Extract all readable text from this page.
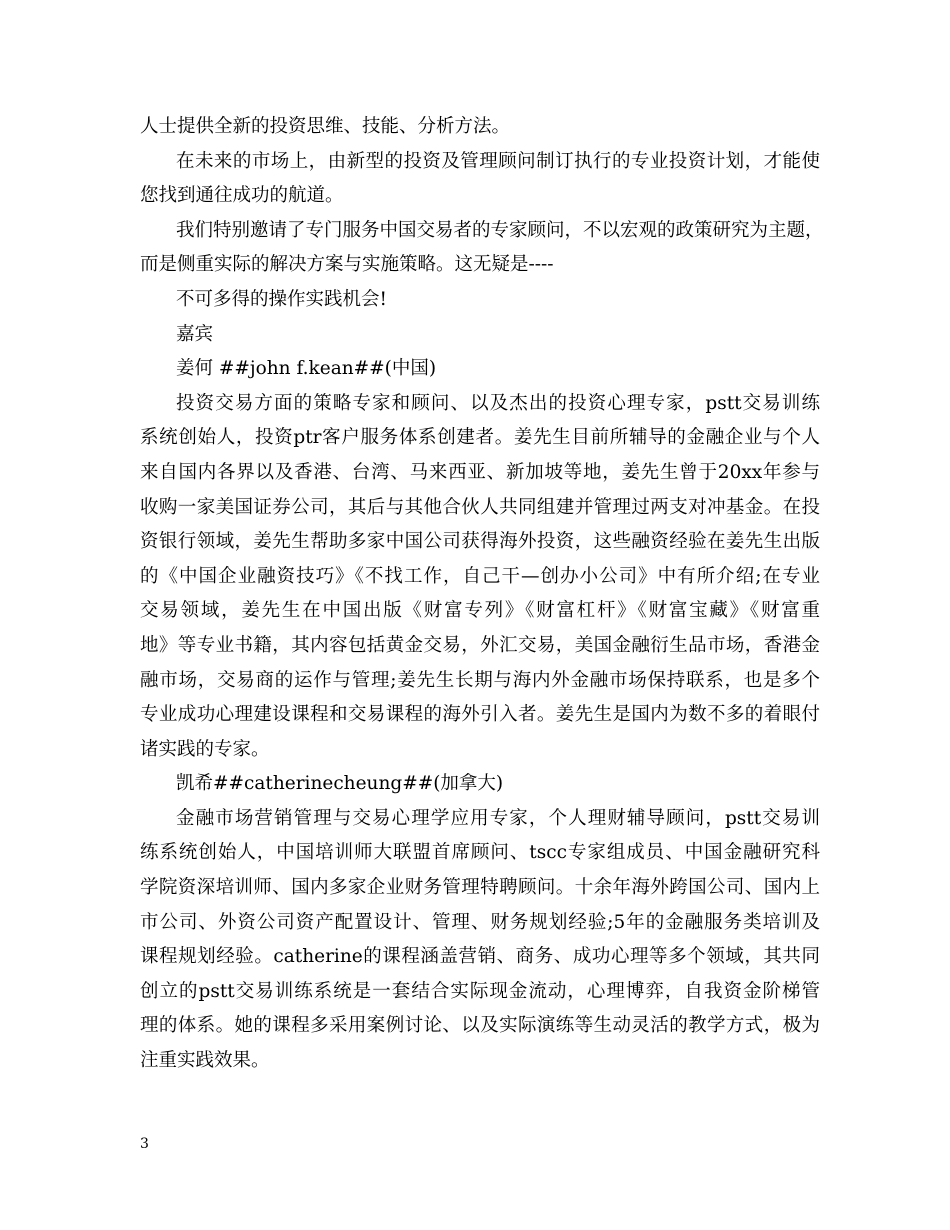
人士提供全新的投资思维、技能、分析方法。

在未来的市场上，由新型的投资及管理顾问制订执行的专业投资计划，才能使

您找到通往成功的航道。

我们特别邀请了专门服务中国交易者的专家顾问，不以宏观的政策研究为主题，

而是侧重实际的解决方案与实施策略。这无疑是----

不可多得的操作实践机会!

嘉宾

姜何 ##john f.kean##(中国)

投资交易方面的策略专家和顾问、以及杰出的投资心理专家，pstt交易训练

系统创始人，投资ptr客户服务体系创建者。姜先生目前所辅导的金融企业与个人

来自国内各界以及香港、台湾、马来西亚、新加坡等地，姜先生曾于20xx年参与

收购一家美国证券公司，其后与其他合伙人共同组建并管理过两支对冲基金。在投

资银行领域，姜先生帮助多家中国公司获得海外投资，这些融资经验在姜先生出版

的《中国企业融资技巧》《不找工作，自己干—创办小公司》中有所介绍;在专业

交易领域，姜先生在中国出版《财富专列》《财富杠杆》《财富宝藏》《财富重

地》等专业书籍，其内容包括黄金交易，外汇交易，美国金融衍生品市场，香港金

融市场，交易商的运作与管理;姜先生长期与海内外金融市场保持联系，也是多个

专业成功心理建设课程和交易课程的海外引入者。姜先生是国内为数不多的着眼付

诸实践的专家。

凯希##catherinecheung##(加拿大)

金融市场营销管理与交易心理学应用专家，个人理财辅导顾问，pstt交易训

练系统创始人，中国培训师大联盟首席顾问、tscc专家组成员、中国金融研究科

学院资深培训师、国内多家企业财务管理特聘顾问。十余年海外跨国公司、国内上

市公司、外资公司资产配置设计、管理、财务规划经验;5年的金融服务类培训及

课程规划经验。catherine的课程涵盖营销、商务、成功心理等多个领域，其共同

创立的pstt交易训练系统是一套结合实际现金流动，心理博弈，自我资金阶梯管

理的体系。她的课程多采用案例讨论、以及实际演练等生动灵活的教学方式，极为

注重实践效果。

3
